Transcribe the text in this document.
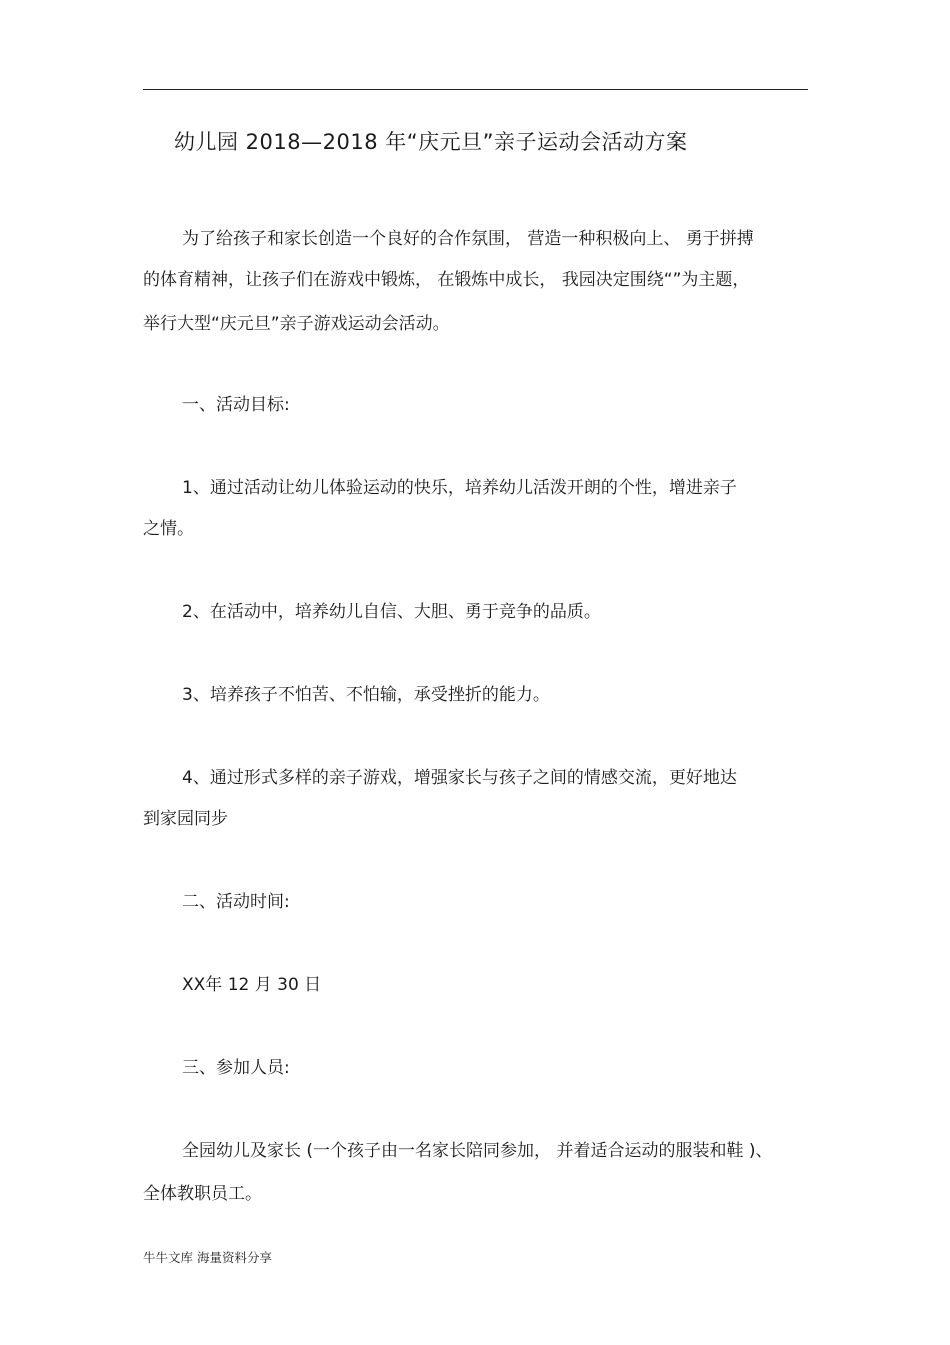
幼儿园 2018—2018 年“庆元旦”亲子运动会活动方案
为了给孩子和家长创造一个良好的合作氛围， 营造一种积极向上、 勇于拼搏
的体育精神，让孩子们在游戏中锻炼， 在锻炼中成长， 我园决定围绕“”为主题，
举行大型“庆元旦”亲子游戏运动会活动。
一、活动目标:
1、通过活动让幼儿体验运动的快乐，培养幼儿活泼开朗的个性，增进亲子
之情。
2、在活动中，培养幼儿自信、大胆、勇于竞争的品质。
3、培养孩子不怕苦、不怕输，承受挫折的能力。
4、通过形式多样的亲子游戏，增强家长与孩子之间的情感交流，更好地达
到家园同步
二、活动时间:
XX年 12 月 30 日
三、参加人员:
全园幼儿及家长 (一个孩子由一名家长陪同参加， 并着适合运动的服装和鞋 )、
全体教职员工。
牛牛文库 海量资料分享
